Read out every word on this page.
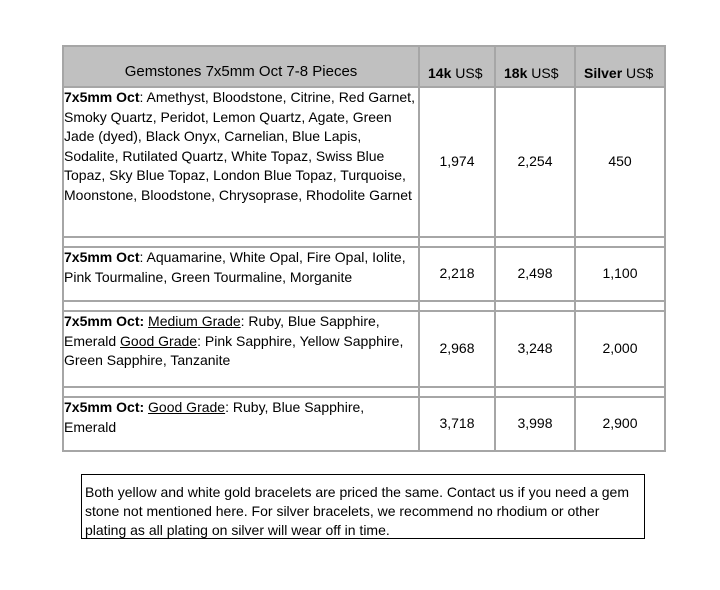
Gemstones 7x5mm Oct 7-8 Pieces	14k US$	18k US$	Silver US$
7x5mm Oct: Amethyst, Bloodstone, Citrine, Red Garnet, Smoky Quartz, Peridot, Lemon Quartz, Agate, Green Jade (dyed), Black Onyx, Carnelian, Blue Lapis, Sodalite, Rutilated Quartz, White Topaz, Swiss Blue Topaz, Sky Blue Topaz, London Blue Topaz, Turquoise, Moonstone, Bloodstone, Chrysoprase, Rhodolite Garnet	1,974	2,254	450

7x5mm Oct: Aquamarine, White Opal, Fire Opal, Iolite, Pink Tourmaline, Green Tourmaline, Morganite	2,218	2,498	1,100

7x5mm Oct: Medium Grade: Ruby, Blue Sapphire, Emerald Good Grade: Pink Sapphire, Yellow Sapphire, Green Sapphire, Tanzanite	2,968	3,248	2,000

7x5mm Oct: Good Grade: Ruby, Blue Sapphire, Emerald	3,718	3,998	2,900
Both yellow and white gold bracelets are priced the same. Contact us if you need a gem stone not mentioned here. For silver bracelets, we recommend no rhodium or other plating as all plating on silver will wear off in time.
